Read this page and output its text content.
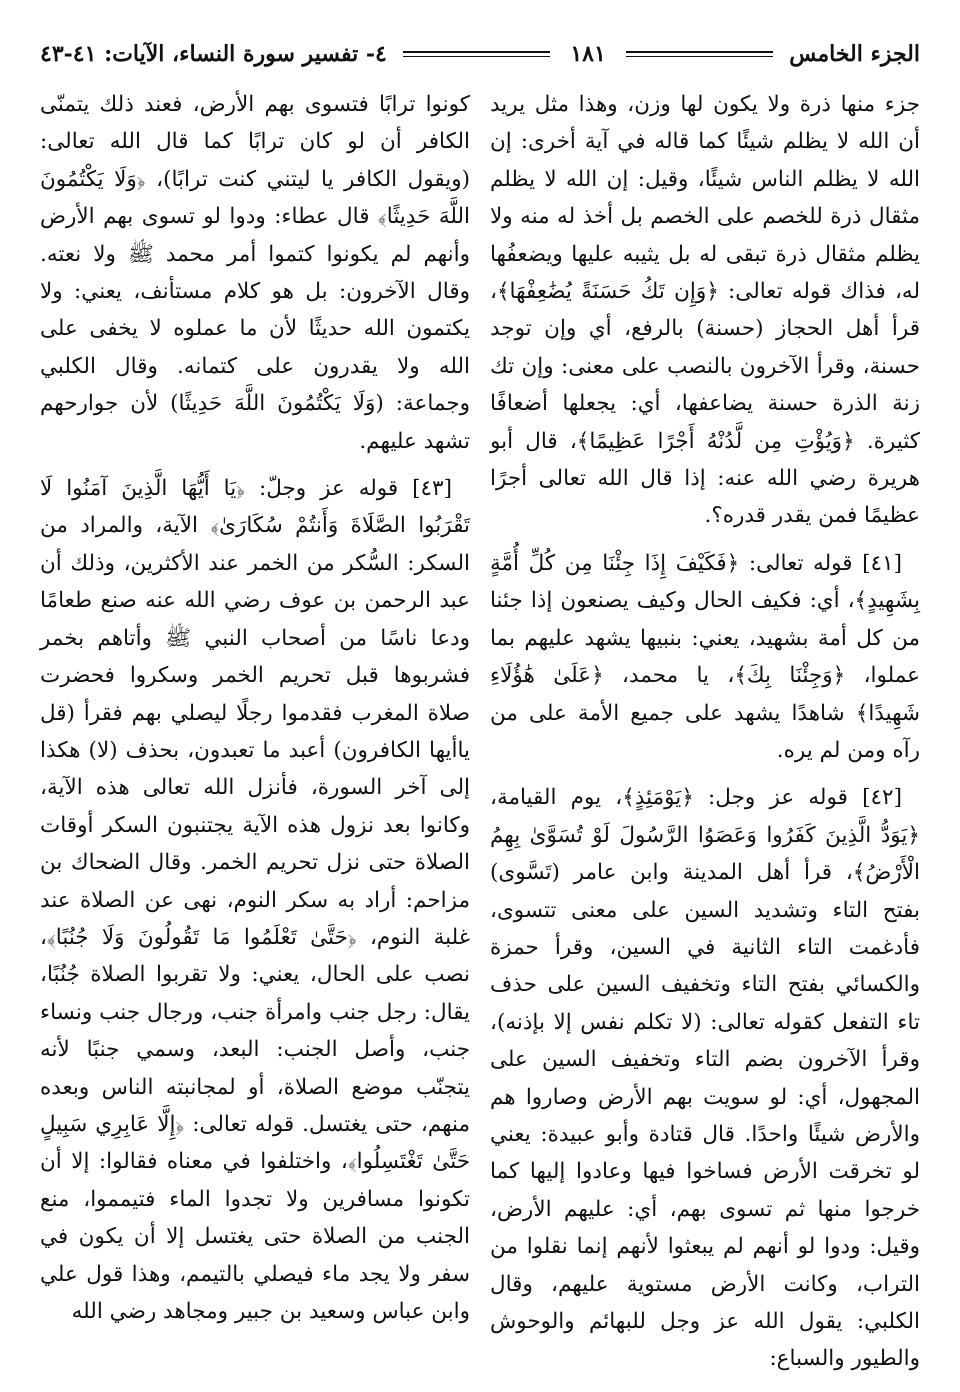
الجزء الخامس
١٨١
٤- تفسير سورة النساء، الآيات: ٤١-٤٣

جزء منها ذرة ولا يكون لها وزن، وهذا مثل يريد أن الله لا يظلم شيئًا كما قاله في آية أخرى: إن الله لا يظلم الناس شيئًا، وقيل: إن الله لا يظلم مثقال ذرة للخصم على الخصم بل أخذ له منه ولا يظلم مثقال ذرة تبقى له بل يثيبه عليها ويضعفُها له، فذاك قوله تعالى: ﴿وَإِن تَكُ حَسَنَةً يُضَٰعِفْهَا﴾، قرأ أهل الحجاز (حسنة) بالرفع، أي وإن توجد حسنة، وقرأ الآخرون بالنصب على معنى: وإن تك زنة الذرة حسنة يضاعفها، أي: يجعلها أضعافًا كثيرة. ﴿وَيُؤْتِ مِن لَّدُنْهُ أَجْرًا عَظِيمًا﴾، قال أبو هريرة رضي الله عنه: إذا قال الله تعالى أجرًا عظيمًا فمن يقدر قدره؟.

[٤١] قوله تعالى: ﴿فَكَيْفَ إِذَا جِئْنَا مِن كُلِّ أُمَّةٍ بِشَهِيدٍ﴾، أي: فكيف الحال وكيف يصنعون إذا جئنا من كل أمة بشهيد، يعني: بنبيها يشهد عليهم بما عملوا، ﴿وَجِئْنَا بِكَ﴾، يا محمد، ﴿عَلَىٰ هَٰؤُلَاءِ شَهِيدًا﴾ شاهدًا يشهد على جميع الأمة على من رآه ومن لم يره.

[٤٢] قوله عز وجل: ﴿يَوْمَئِذٍ﴾، يوم القيامة، ﴿يَوَدُّ الَّذِينَ كَفَرُوا وَعَصَوُا الرَّسُولَ لَوْ تُسَوَّىٰ بِهِمُ الْأَرْضُ﴾، قرأ أهل المدينة وابن عامر (تَسَّوى) بفتح التاء وتشديد السين على معنى تتسوى، فأدغمت التاء الثانية في السين، وقرأ حمزة والكسائي بفتح التاء وتخفيف السين على حذف تاء التفعل كقوله تعالى: (لا تكلم نفس إلا بإذنه)، وقرأ الآخرون بضم التاء وتخفيف السين على المجهول، أي: لو سويت بهم الأرض وصاروا هم والأرض شيئًا واحدًا. قال قتادة وأبو عبيدة: يعني لو تخرقت الأرض فساخوا فيها وعادوا إليها كما خرجوا منها ثم تسوى بهم، أي: عليهم الأرض، وقيل: ودوا لو أنهم لم يبعثوا لأنهم إنما نقلوا من التراب، وكانت الأرض مستوية عليهم، وقال الكلبي: يقول الله عز وجل للبهائم والوحوش والطيور والسباع:

كونوا ترابًا فتسوى بهم الأرض، فعند ذلك يتمنّى الكافر أن لو كان ترابًا كما قال الله تعالى: (ويقول الكافر يا ليتني كنت ترابًا)، ﴿وَلَا يَكْتُمُونَ اللَّهَ حَدِيثًا﴾ قال عطاء: ودوا لو تسوى بهم الأرض وأنهم لم يكونوا كتموا أمر محمد ﷺ ولا نعته. وقال الآخرون: بل هو كلام مستأنف، يعني: ولا يكتمون الله حديثًا لأن ما عملوه لا يخفى على الله ولا يقدرون على كتمانه. وقال الكلبي وجماعة: (وَلَا يَكْتُمُونَ اللَّهَ حَدِيثًا) لأن جوارحهم تشهد عليهم.

[٤٣] قوله عز وجلّ: ﴿يَا أَيُّهَا الَّذِينَ آمَنُوا لَا تَقْرَبُوا الصَّلَاةَ وَأَنتُمْ سُكَارَىٰ﴾ الآية، والمراد من السكر: السُّكر من الخمر عند الأكثرين، وذلك أن عبد الرحمن بن عوف رضي الله عنه صنع طعامًا ودعا ناسًا من أصحاب النبي ﷺ وأتاهم بخمر فشربوها قبل تحريم الخمر وسكروا فحضرت صلاة المغرب فقدموا رجلًا ليصلي بهم فقرأ (قل ياأيها الكافرون) أعبد ما تعبدون، بحذف (لا) هكذا إلى آخر السورة، فأنزل الله تعالى هذه الآية، وكانوا بعد نزول هذه الآية يجتنبون السكر أوقات الصلاة حتى نزل تحريم الخمر. وقال الضحاك بن مزاحم: أراد به سكر النوم، نهى عن الصلاة عند غلبة النوم، ﴿حَتَّىٰ تَعْلَمُوا مَا تَقُولُونَ وَلَا جُنُبًا﴾، نصب على الحال، يعني: ولا تقربوا الصلاة جُنُبًا، يقال: رجل جنب وامرأة جنب، ورجال جنب ونساء جنب، وأصل الجنب: البعد، وسمي جنبًا لأنه يتجنّب موضع الصلاة، أو لمجانبته الناس وبعده منهم، حتى يغتسل. قوله تعالى: ﴿إِلَّا عَابِرِي سَبِيلٍ حَتَّىٰ تَغْتَسِلُوا﴾، واختلفوا في معناه فقالوا: إلا أن تكونوا مسافرين ولا تجدوا الماء فتيمموا، منع الجنب من الصلاة حتى يغتسل إلا أن يكون في سفر ولا يجد ماء فيصلي بالتيمم، وهذا قول علي وابن عباس وسعيد بن جبير ومجاهد رضي الله
